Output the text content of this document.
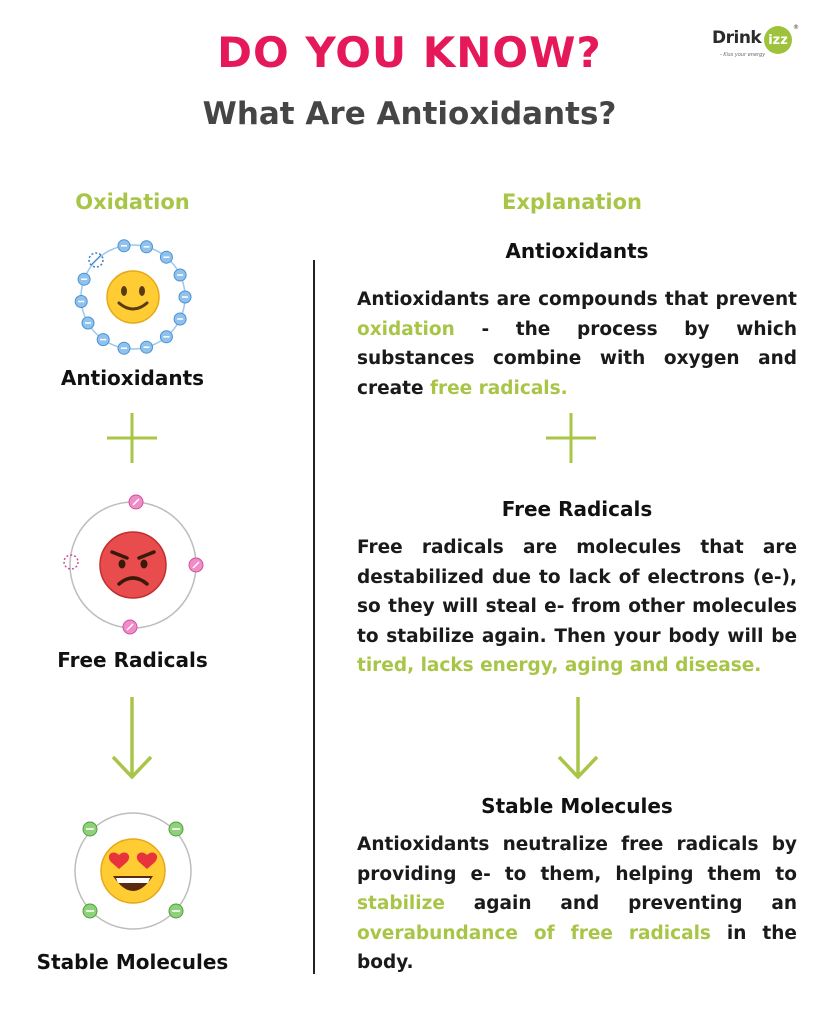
DO YOU KNOW?
What Are Antioxidants?
Drink izz
®
- Kiss your energy
Oxidation	Explanation
Antioxidants
Free Radicals
Stable Molecules
Antioxidants
Antioxidants are compounds that prevent oxidation - the process by which substances combine with oxygen and create free radicals.
Free Radicals
Free radicals are molecules that are destabilized due to lack of electrons (e-), so they will steal e- from other molecules to stabilize again. Then your body will be tired, lacks energy, aging and disease.
Stable Molecules
Antioxidants neutralize free radicals by providing e- to them, helping them to stabilize again and preventing an overabundance of free radicals in the body.
